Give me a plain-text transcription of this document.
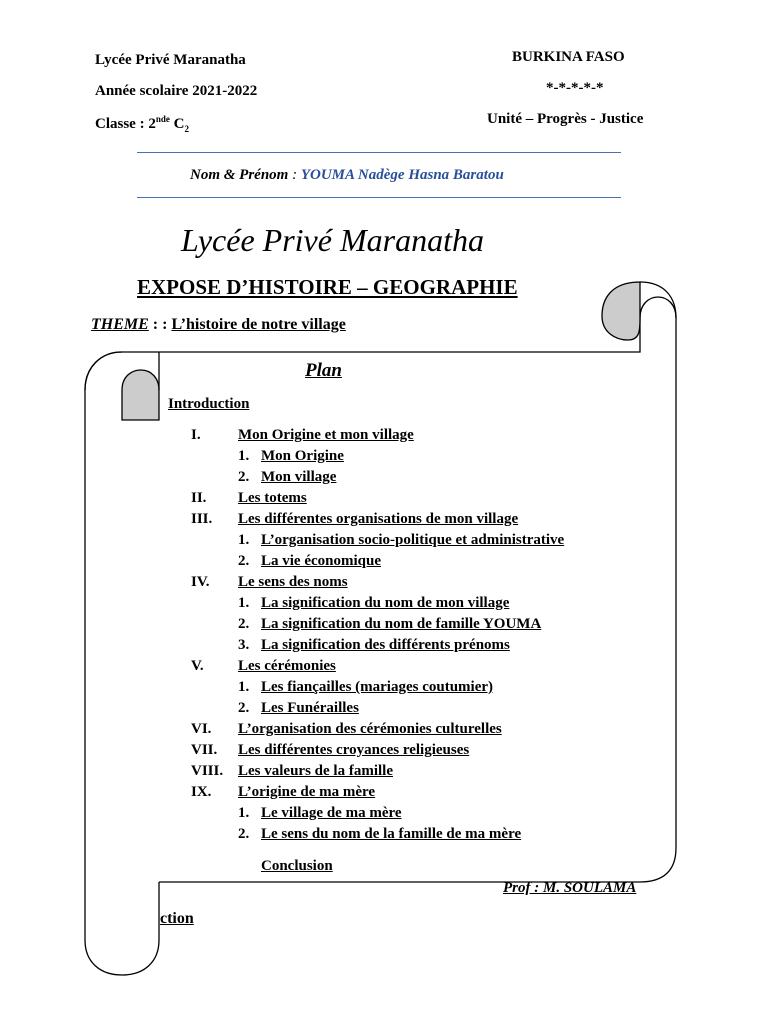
Lycée Privé Maranatha
Année scolaire 2021-2022
Classe : 2nde $C_2$
BURKINA FASO
*-*-*-*-*
Unité – Progrès - Justice
Nom & Prénom : YOUMA Nadège Hasna Baratou
Lycée Privé Maranatha
EXPOSE D’HISTOIRE – GEOGRAPHIE
THEME : : L’histoire de notre village
Plan
Introduction
I. Mon Origine et mon village
1. Mon Origine
2. Mon village
II. Les totems
III. Les différentes organisations de mon village
1. L’organisation socio-politique et administrative
2. La vie économique
IV. Le sens des noms
1. La signification du nom de mon village
2. La signification du nom de famille YOUMA
3. La signification des différents prénoms
V. Les cérémonies
1. Les fiançailles (mariages coutumier)
2. Les Funérailles
VI. L’organisation des cérémonies culturelles
VII. Les différentes croyances religieuses
VIII. Les valeurs de la famille
IX. L’origine de ma mère
1. Le village de ma mère
2. Le sens du nom de la famille de ma mère
Conclusion
Prof : M. SOULAMA
ction
